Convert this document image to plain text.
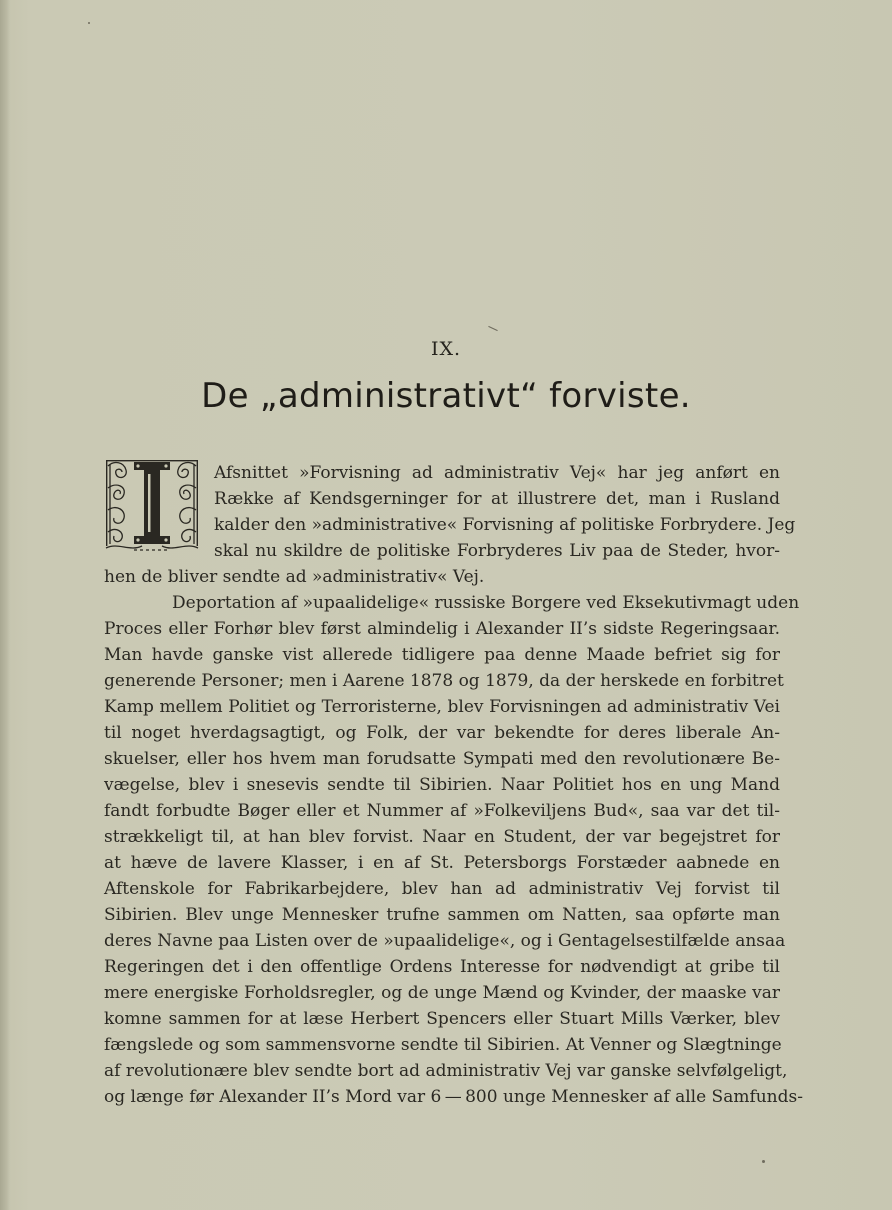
IX.
De „administrativt“ forviste.
Afsnittet »Forvisning ad administrativ Vej« har jeg anført en
Række af Kendsgerninger for at illustrere det, man i Rusland
kalder den »administrative« Forvisning af politiske Forbrydere. Jeg
skal nu skildre de politiske Forbryderes Liv paa de Steder, hvor-
hen de bliver sendte ad »administrativ« Vej.
Deportation af »upaalidelige« russiske Borgere ved Eksekutivmagt uden
Proces eller Forhør blev først almindelig i Alexander II’s sidste Regeringsaar.
Man havde ganske vist allerede tidligere paa denne Maade befriet sig for
generende Personer; men i Aarene 1878 og 1879, da der herskede en forbitret
Kamp mellem Politiet og Terroristerne, blev Forvisningen ad administrativ Vei
til noget hverdagsagtigt, og Folk, der var bekendte for deres liberale An-
skuelser, eller hos hvem man forudsatte Sympati med den revolutionære Be-
vægelse, blev i snesevis sendte til Sibirien. Naar Politiet hos en ung Mand
fandt forbudte Bøger eller et Nummer af »Folkeviljens Bud«, saa var det til-
strækkeligt til, at han blev forvist. Naar en Student, der var begejstret for
at hæve de lavere Klasser, i en af St. Petersborgs Forstæder aabnede en
Aftenskole for Fabrikarbejdere, blev han ad administrativ Vej forvist til
Sibirien. Blev unge Mennesker trufne sammen om Natten, saa opførte man
deres Navne paa Listen over de »upaalidelige«, og i Gentagelsestilfælde ansaa
Regeringen det i den offentlige Ordens Interesse for nødvendigt at gribe til
mere energiske Forholdsregler, og de unge Mænd og Kvinder, der maaske var
komne sammen for at læse Herbert Spencers eller Stuart Mills Værker, blev
fængslede og som sammensvorne sendte til Sibirien. At Venner og Slægtninge
af revolutionære blev sendte bort ad administrativ Vej var ganske selvfølgeligt,
og længe før Alexander II’s Mord var 6 — 800 unge Mennesker af alle Samfunds-
